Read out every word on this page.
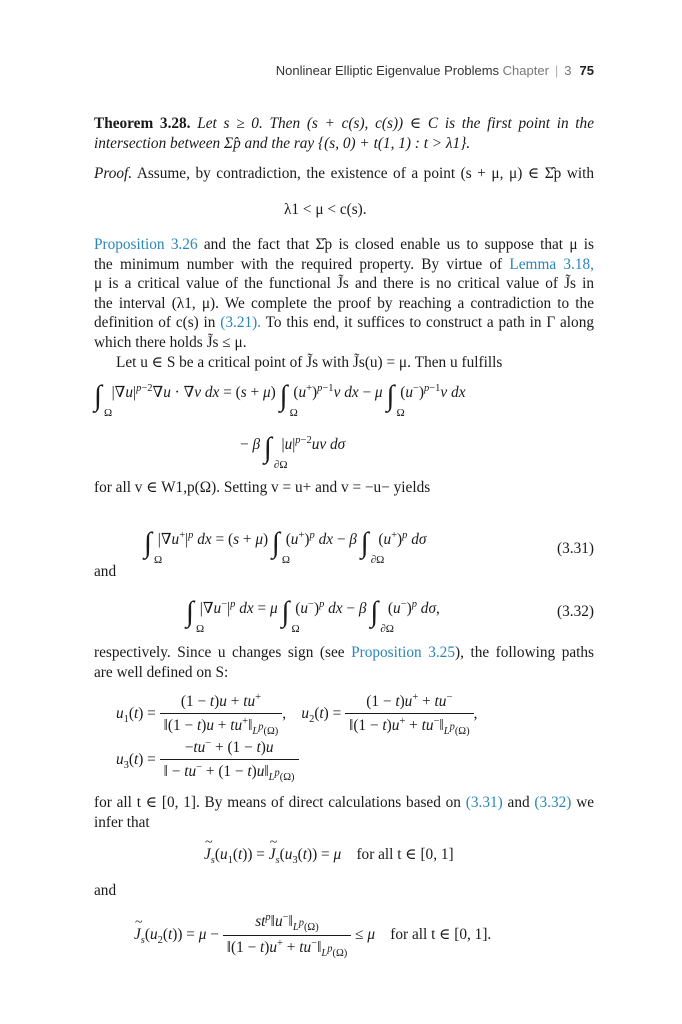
Nonlinear Elliptic Eigenvalue Problems Chapter | 3 75

Theorem 3.28. Let s ≥ 0. Then (s + c(s), c(s)) ∈ C is the first point in the
intersection between Σ̂p and the ray {(s, 0) + t(1, 1) : t > λ1}.

Proof. Assume, by contradiction, the existence of a point (s + μ, μ) ∈ Σ̂p with

λ1 < μ < c(s).

Proposition 3.26 and the fact that Σ̂p is closed enable us to suppose that μ is
the minimum number with the required property. By virtue of Lemma 3.18,
μ is a critical value of the functional J̃s and there is no critical value of J̃s in
the interval (λ1, μ). We complete the proof by reaching a contradiction to the
definition of c(s) in (3.21). To this end, it suffices to construct a path in Γ along
which there holds J̃s ≤ μ.
Let u ∈ S be a critical point of J̃s with J̃s(u) = μ. Then u fulfills

∫
Ω
$|\nabla u|^{p-2}\nabla u \cdot \nabla v$ dx = (s + μ) ∫
Ω
$(u^+)^{p-1}v$ dx − μ ∫
Ω
$(u^-)^{p-1}v$ dx
− β ∫
∂Ω
$|u|^{p-2}uv$ dσ

for all v ∈ W1,p(Ω). Setting v = u+ and v = −u− yields

∫
Ω
$|\nabla u^+|^p$ dx = (s + μ) ∫
Ω
$(u^+)^p$ dx − β ∫
∂Ω
$(u^+)^p$ dσ
(3.31)

and

∫
Ω
$|\nabla u^-|^p$ dx = μ ∫
Ω
$(u^-)^p$ dx − β ∫
∂Ω
$(u^-)^p$ dσ,	(3.32)

respectively. Since u changes sign (see Proposition 3.25), the following paths
are well defined on S:

$u_1(t) = \frac{(1 - t)u + tu^+}{‖(1 - t)u + tu^+‖_{L^p(\Omega)}}$ ,    $u_2(t) = \frac{(1 - t)u^+ + tu^-}{‖(1 - t)u^+ + tu^-‖_{L^p(\Omega)}}$ ,
$u_3(t) = \frac{-tu^- + (1 - t)u}{‖ - tu^- + (1 - t)u‖_{L^p(\Omega)}}$

for all t ∈ [0, 1]. By means of direct calculations based on (3.31) and (3.32) we
infer that

~ $J_s(u_1(t))$ = ~ $J_s(u_3(t)) = \mu$ for all t ∈ [0, 1]

and

~ $J_s(u_2(t)) = \mu - \frac{st^p‖u^-‖_{L^p(\Omega)}}{‖(1 - t)u^+ + tu^-‖_{L^p(\Omega)}} \le \mu$ for all t ∈ [0, 1].
